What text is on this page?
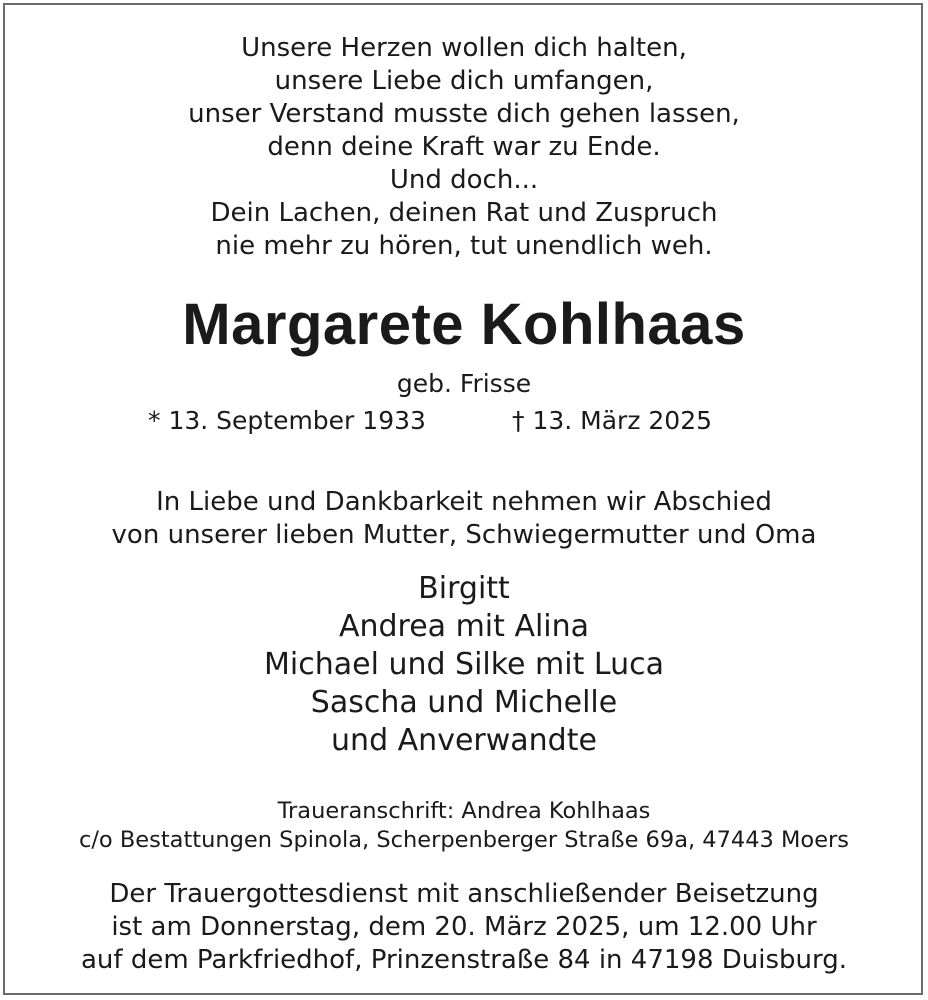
Unsere Herzen wollen dich halten,
unsere Liebe dich umfangen,
unser Verstand musste dich gehen lassen,
denn deine Kraft war zu Ende.
Und doch...
Dein Lachen, deinen Rat und Zuspruch
nie mehr zu hören, tut unendlich weh.
Margarete Kohlhaas
geb. Frisse
* 13. September 1933	† 13. März 2025
In Liebe und Dankbarkeit nehmen wir Abschied
von unserer lieben Mutter, Schwiegermutter und Oma
Birgitt
Andrea mit Alina
Michael und Silke mit Luca
Sascha und Michelle
und Anverwandte
Traueranschrift: Andrea Kohlhaas
c/o Bestattungen Spinola, Scherpenberger Straße 69a, 47443 Moers
Der Trauergottesdienst mit anschließender Beisetzung
ist am Donnerstag, dem 20. März 2025, um 12.00 Uhr
auf dem Parkfriedhof, Prinzenstraße 84 in 47198 Duisburg.
